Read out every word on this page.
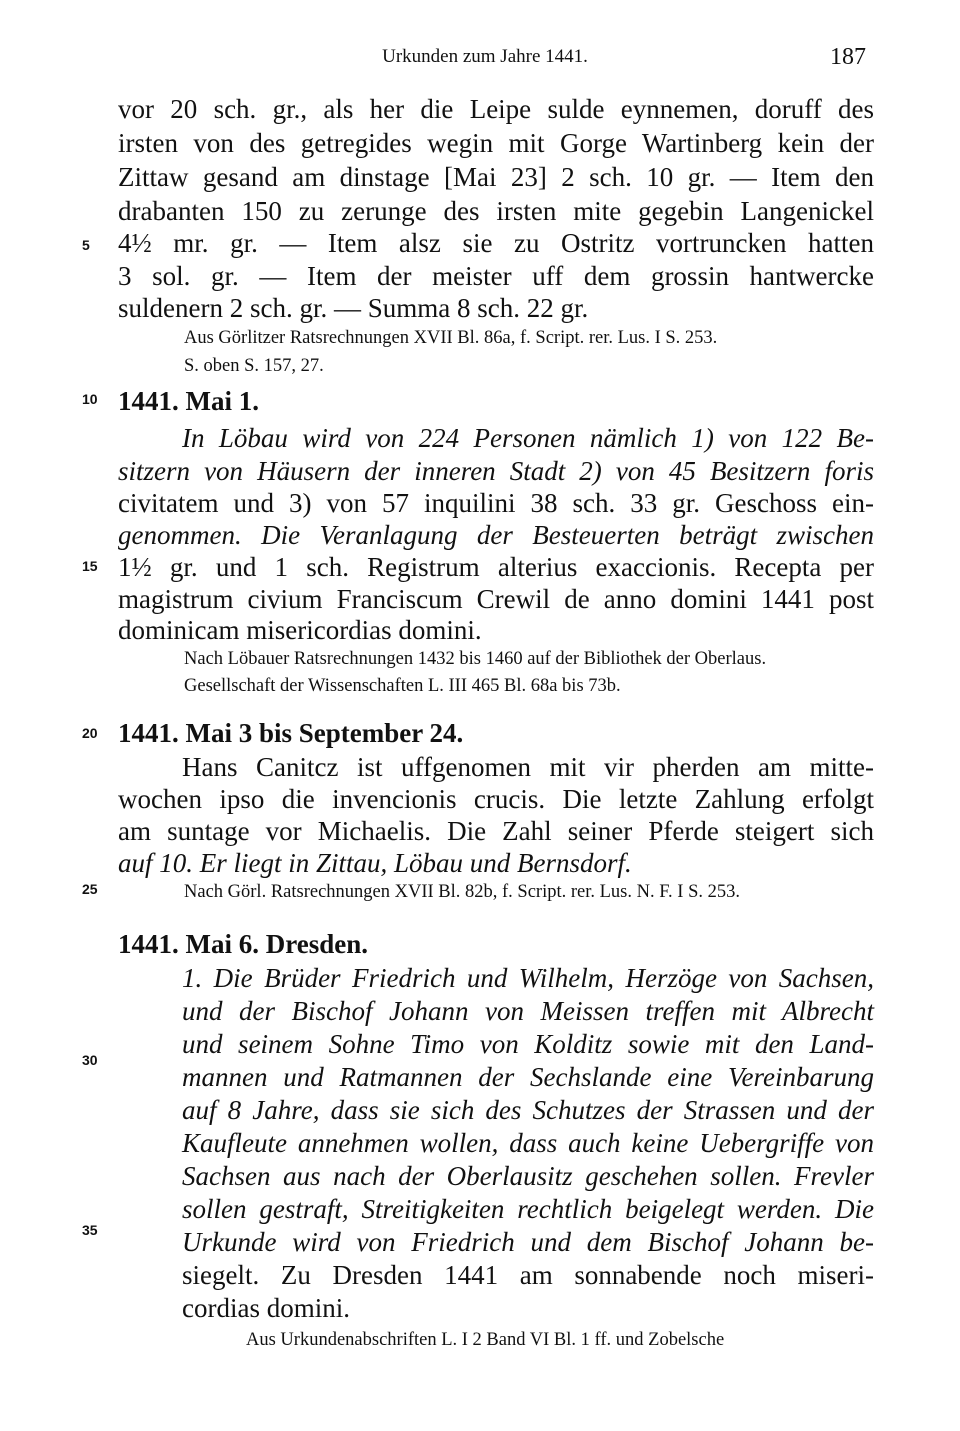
Urkunden zum Jahre 1441.	187
5
10
15
20
25
30
35
vor 20 sch. gr., als her die Leipe sulde eynnemen, doruff des
irsten von des getregides wegin mit Gorge Wartinberg kein der
Zittaw gesand am dinstage [Mai 23] 2 sch. 10 gr. — Item den
drabanten 150 zu zerunge des irsten mite gegebin Langenickel
4½ mr. gr. — Item alsz sie zu Ostritz vortruncken hatten
3 sol. gr. — Item der meister uff dem grossin hantwercke
suldenern 2 sch. gr. — Summa 8 sch. 22 gr.
Aus Görlitzer Ratsrechnungen XVII Bl. 86a, f. Script. rer. Lus. I S. 253.
S. oben S. 157, 27.
1441. Mai 1.
In Löbau wird von 224 Personen nämlich 1) von 122 Be-
sitzern von Häusern der inneren Stadt 2) von 45 Besitzern foris
civitatem und 3) von 57 inquilini 38 sch. 33 gr. Geschoss ein-
genommen. Die Veranlagung der Besteuerten beträgt zwischen
1½ gr. und 1 sch. Registrum alterius exaccionis. Recepta per
magistrum civium Franciscum Crewil de anno domini 1441 post
dominicam misericordias domini.
Nach Löbauer Ratsrechnungen 1432 bis 1460 auf der Bibliothek der Oberlaus.
Gesellschaft der Wissenschaften L. III 465 Bl. 68a bis 73b.
1441. Mai 3 bis September 24.
Hans Canitcz ist uffgenomen mit vir pherden am mitte-
wochen ipso die invencionis crucis. Die letzte Zahlung erfolgt
am suntage vor Michaelis. Die Zahl seiner Pferde steigert sich
auf 10. Er liegt in Zittau, Löbau und Bernsdorf.
Nach Görl. Ratsrechnungen XVII Bl. 82b, f. Script. rer. Lus. N. F. I S. 253.
1441. Mai 6. Dresden.
1. Die Brüder Friedrich und Wilhelm, Herzöge von Sachsen,
und der Bischof Johann von Meissen treffen mit Albrecht
und seinem Sohne Timo von Kolditz sowie mit den Land-
mannen und Ratmannen der Sechslande eine Vereinbarung
auf 8 Jahre, dass sie sich des Schutzes der Strassen und der
Kaufleute annehmen wollen, dass auch keine Uebergriffe von
Sachsen aus nach der Oberlausitz geschehen sollen. Frevler
sollen gestraft, Streitigkeiten rechtlich beigelegt werden. Die
Urkunde wird von Friedrich und dem Bischof Johann be-
siegelt. Zu Dresden 1441 am sonnabende noch miseri-
cordias domini.
Aus Urkundenabschriften L. I 2 Band VI Bl. 1 ff. und Zobelsche
